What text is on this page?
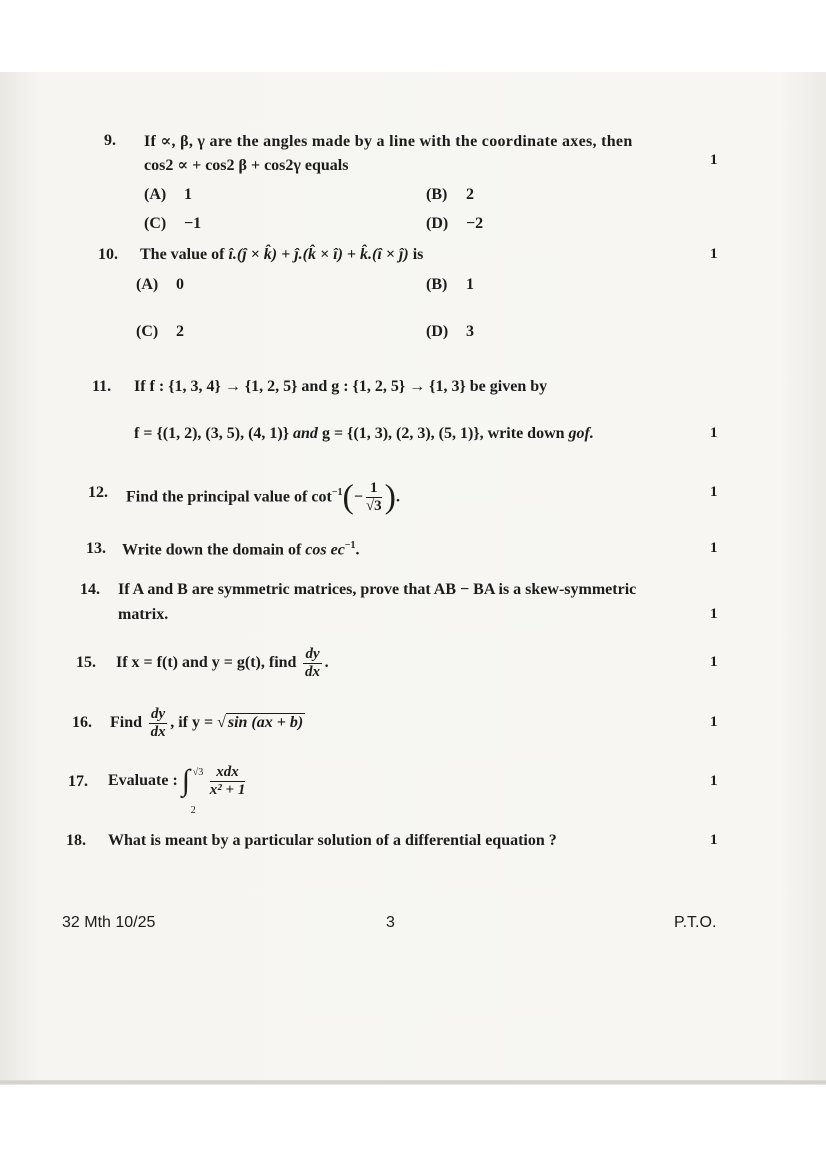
9. If ∝, β, γ are the angles made by a line with the coordinate axes, then
cos2 ∝ + cos2 β + cos2γ equals	1
(A) 1	(B) 2
(C) −1	(D) −2
10. The value of î.(ĵ × k̂) + ĵ.(k̂ × î) + k̂.(î × ĵ) is	1
(A) 0	(B) 1
(C) 2	(D) 3
11. If f : {1, 3, 4} → {1, 2, 5} and g : {1, 2, 5} → {1, 3} be given by
f = {(1, 2), (3, 5), (4, 1)} and g = {(1, 3), (2, 3), (5, 1)}, write down gof.	1
12. Find the principal value of $\cot^{-1}(- \frac{1}{√3}$ ).	1
13. Write down the domain of $\cos ec^{-1}$.	1
14. If A and B are symmetric matrices, prove that AB − BA is a skew-symmetric
matrix.	1
15. If x = f(t) and y = g(t), find $\frac{dy}{dx}$ .	1
16. Find $\frac{dy}{dx}$ , if y = √ sin (ax + b)	1
17. Evaluate : ∫ √3
2

$\frac{\text{xdx}}{\text{x² + 1}}$	1
18. What is meant by a particular solution of a differential equation ?	1
32 Mth 10/25	3	P.T.O.
